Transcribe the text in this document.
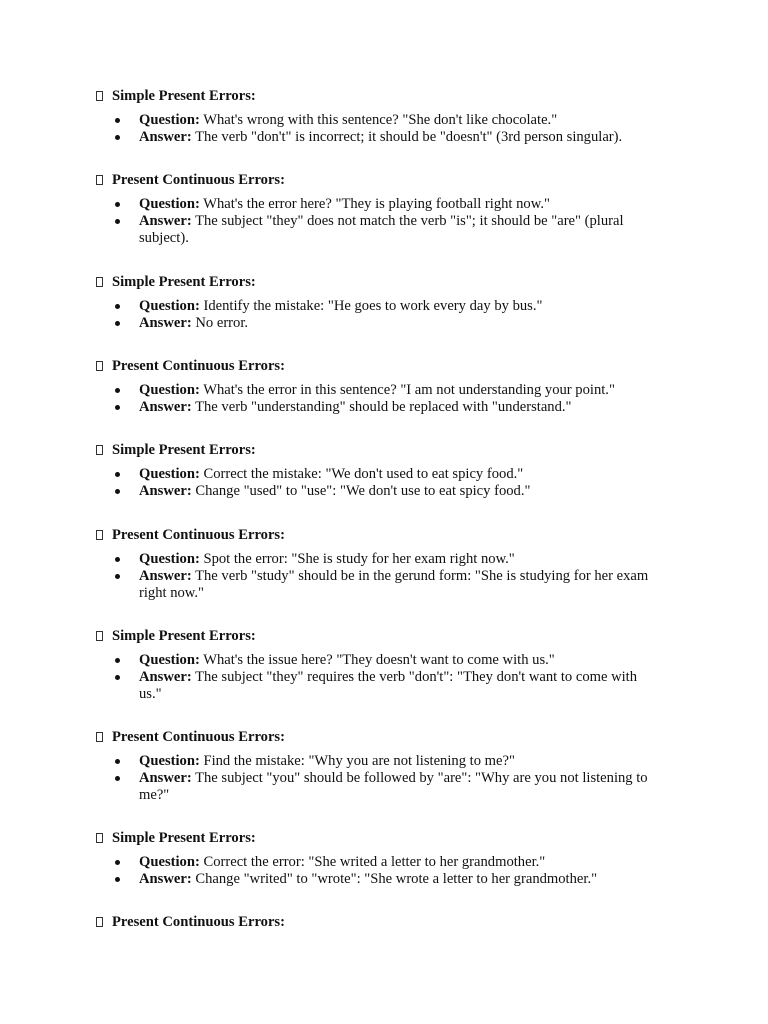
Simple Present Errors:
Question: What's wrong with this sentence? "She don't like chocolate."
Answer: The verb "don't" is incorrect; it should be "doesn't" (3rd person singular).
Present Continuous Errors:
Question: What's the error here? "They is playing football right now."
Answer: The subject "they" does not match the verb "is"; it should be "are" (plural subject).
Simple Present Errors:
Question: Identify the mistake: "He goes to work every day by bus."
Answer: No error.
Present Continuous Errors:
Question: What's the error in this sentence? "I am not understanding your point."
Answer: The verb "understanding" should be replaced with "understand."
Simple Present Errors:
Question: Correct the mistake: "We don't used to eat spicy food."
Answer: Change "used" to "use": "We don't use to eat spicy food."
Present Continuous Errors:
Question: Spot the error: "She is study for her exam right now."
Answer: The verb "study" should be in the gerund form: "She is studying for her exam right now."
Simple Present Errors:
Question: What's the issue here? "They doesn't want to come with us."
Answer: The subject "they" requires the verb "don't": "They don't want to come with us."
Present Continuous Errors:
Question: Find the mistake: "Why you are not listening to me?"
Answer: The subject "you" should be followed by "are": "Why are you not listening to me?"
Simple Present Errors:
Question: Correct the error: "She writed a letter to her grandmother."
Answer: Change "writed" to "wrote": "She wrote a letter to her grandmother."
Present Continuous Errors:
